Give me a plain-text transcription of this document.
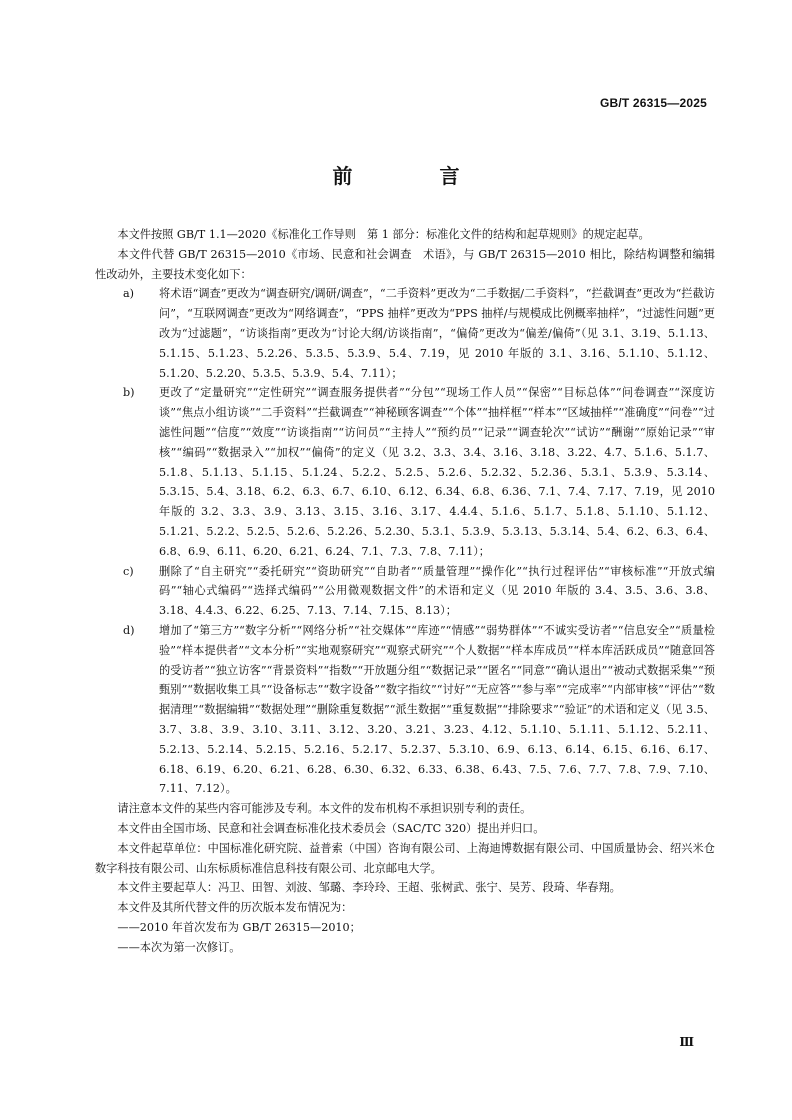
GB/T 26315—2025
前 言

本文件按照 GB/T 1.1—2020《标准化工作导则　第 1 部分：标准化文件的结构和起草规则》的规定起草。

本文件代替 GB/T 26315—2010《市场、民意和社会调查　术语》，与 GB/T 26315—2010 相比，除结构调整和编辑性改动外，主要技术变化如下：

a)	将术语“调查”更改为“调查研究/调研/调查”，“二手资料”更改为“二手数据/二手资料”，“拦截调查”更改为“拦截访问”，“互联网调查”更改为“网络调查”，“PPS 抽样”更改为“PPS 抽样/与规模成比例概率抽样”，“过滤性问题”更改为“过滤题”，“访谈指南”更改为“讨论大纲/访谈指南”，“偏倚”更改为“偏差/偏倚”（见 3.1、3.19、5.1.13、5.1.15、5.1.23、5.2.26、5.3.5、5.3.9、5.4、7.19，见 2010 年版的 3.1、3.16、5.1.10、5.1.12、5.1.20、5.2.20、5.3.5、5.3.9、5.4、7.11）；
b)	更改了“定量研究”“定性研究”“调查服务提供者”“分包”“现场工作人员”“保密”“目标总体”“问卷调查”“深度访谈”“焦点小组访谈”“二手资料”“拦截调查”“神秘顾客调查”“个体”“抽样框”“样本”“区域抽样”“准确度”“问卷”“过滤性问题”“信度”“效度”“访谈指南”“访问员”“主持人”“预约员”“记录”“调查轮次”“试访”“酬谢”“原始记录”“审核”“编码”“数据录入”“加权”“偏倚”的定义（见 3.2、3.3、3.4、3.16、3.18、3.22、4.7、5.1.6、5.1.7、5.1.8、5.1.13、5.1.15、5.1.24、5.2.2、5.2.5、5.2.6、5.2.32、5.2.36、5.3.1、5.3.9、5.3.14、5.3.15、5.4、3.18、6.2、6.3、6.7、6.10、6.12、6.34、6.8、6.36、7.1、7.4、7.17、7.19，见 2010 年版的 3.2、3.3、3.9、3.13、3.15、3.16、3.17、4.4.4、5.1.6、5.1.7、5.1.8、5.1.10、5.1.12、5.1.21、5.2.2、5.2.5、5.2.6、5.2.26、5.2.30、5.3.1、5.3.9、5.3.13、5.3.14、5.4、6.2、6.3、6.4、6.8、6.9、6.11、6.20、6.21、6.24、7.1、7.3、7.8、7.11）；
c)	删除了“自主研究”“委托研究”“资助研究”“自助者”“质量管理”“操作化”“执行过程评估”“审核标准”“开放式编码”“轴心式编码”“选择式编码”“公用微观数据文件”的术语和定义（见 2010 年版的 3.4、3.5、3.6、3.8、3.18、4.4.3、6.22、6.25、7.13、7.14、7.15、8.13）；
d)	增加了“第三方”“数字分析”“网络分析”“社交媒体”“库迹”“情感”“弱势群体”“不诚实受访者”“信息安全”“质量检验”“样本提供者”“文本分析”“实地观察研究”“观察式研究”“个人数据”“样本库成员”“样本库活跃成员”“随意回答的受访者”“独立访客”“背景资料”“指数”“开放题分组”“数据记录”“匿名”“同意”“确认退出”“被动式数据采集”“预甄别”“数据收集工具”“设备标志”“数字设备”“数字指纹”“讨好”“无应答”“参与率”“完成率”“内部审核”“评估”“数据清理”“数据编辑”“数据处理”“删除重复数据”“派生数据”“重复数据”“排除要求”“验证”的术语和定义（见 3.5、3.7、3.8、3.9、3.10、3.11、3.12、3.20、3.21、3.23、4.12、5.1.10、5.1.11、5.1.12、5.2.11、5.2.13、5.2.14、5.2.15、5.2.16、5.2.17、5.2.37、5.3.10、6.9、6.13、6.14、6.15、6.16、6.17、6.18、6.19、6.20、6.21、6.28、6.30、6.32、6.33、6.38、6.43、7.5、7.6、7.7、7.8、7.9、7.10、7.11、7.12）。

请注意本文件的某些内容可能涉及专利。本文件的发布机构不承担识别专利的责任。

本文件由全国市场、民意和社会调查标准化技术委员会（SAC/TC 320）提出并归口。

本文件起草单位：中国标准化研究院、益普索（中国）咨询有限公司、上海迪博数据有限公司、中国质量协会、绍兴米仓数字科技有限公司、山东标质标准信息科技有限公司、北京邮电大学。

本文件主要起草人：冯卫、田智、刘波、邹璐、李玲玲、王超、张树武、张宁、吴芳、段琦、华春翔。

本文件及其所代替文件的历次版本发布情况为：

——2010 年首次发布为 GB/T 26315—2010；

——本次为第一次修订。

Ⅲ
